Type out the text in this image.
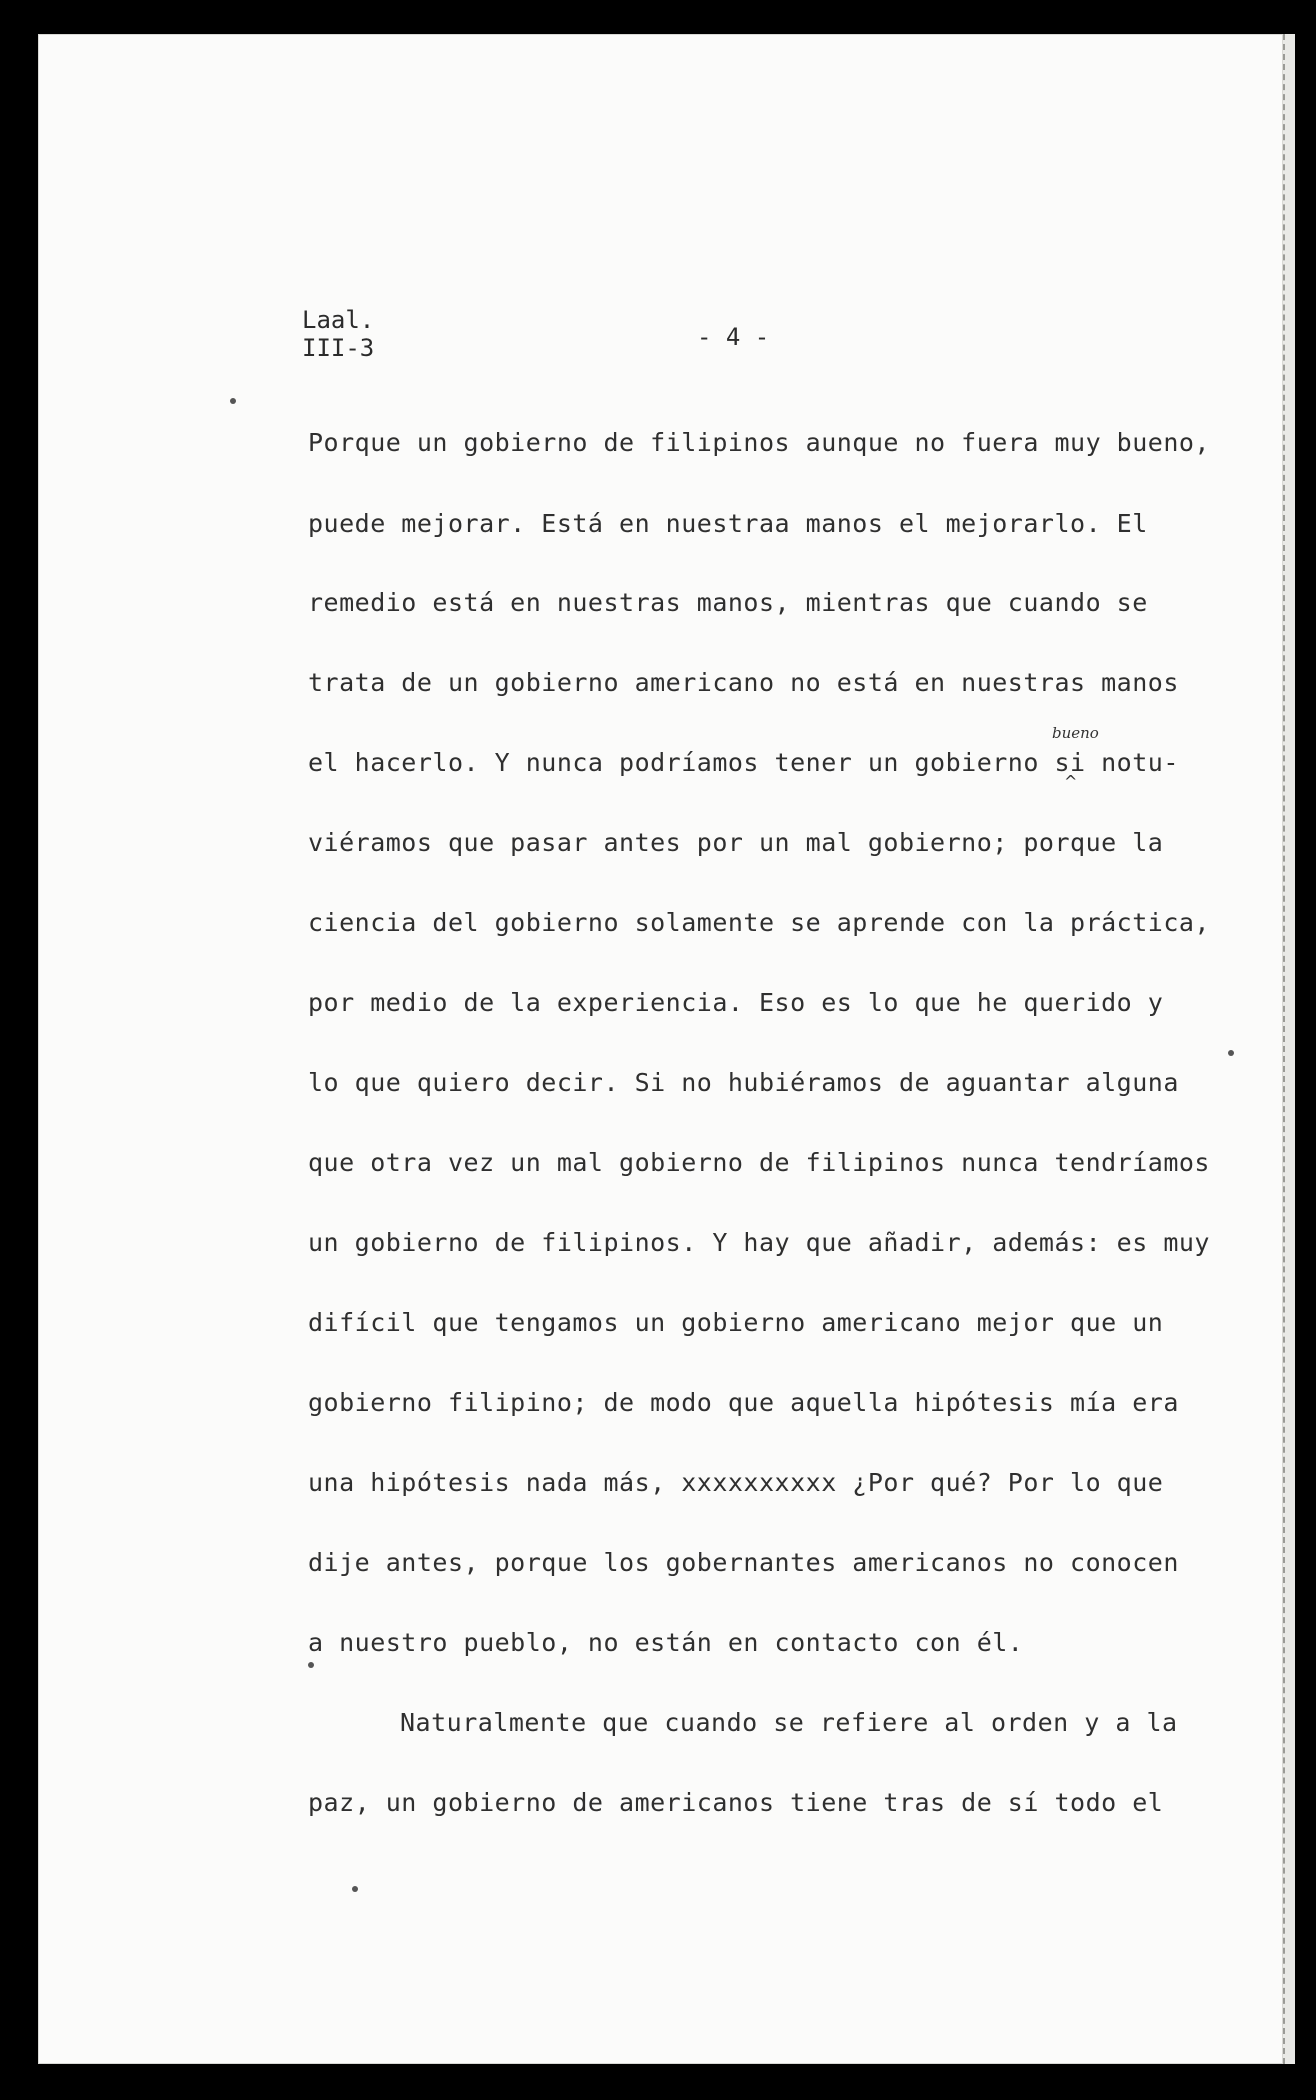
Laal.
III-3	- 4 -
bueno
^
Porque un gobierno de filipinos aunque no fuera muy bueno,
puede mejorar. Está en nuestraa manos el mejorarlo. El
remedio está en nuestras manos, mientras que cuando se
trata de un gobierno americano no está en nuestras manos
el hacerlo. Y nunca podríamos tener un gobierno si notu-
viéramos que pasar antes por un mal gobierno; porque la
ciencia del gobierno solamente se aprende con la práctica,
por medio de la experiencia. Eso es lo que he querido y
lo que quiero decir. Si no hubiéramos de aguantar alguna
que otra vez un mal gobierno de filipinos nunca tendríamos
un gobierno de filipinos. Y hay que añadir, además: es muy
difícil que tengamos un gobierno americano mejor que un
gobierno filipino; de modo que aquella hipótesis mía era
una hipótesis nada más, xxxxxxxxxx ¿Por qué? Por lo que
dije antes, porque los gobernantes americanos no conocen
a nuestro pueblo, no están en contacto con él.
Naturalmente que cuando se refiere al orden y a la
paz, un gobierno de americanos tiene tras de sí todo el
